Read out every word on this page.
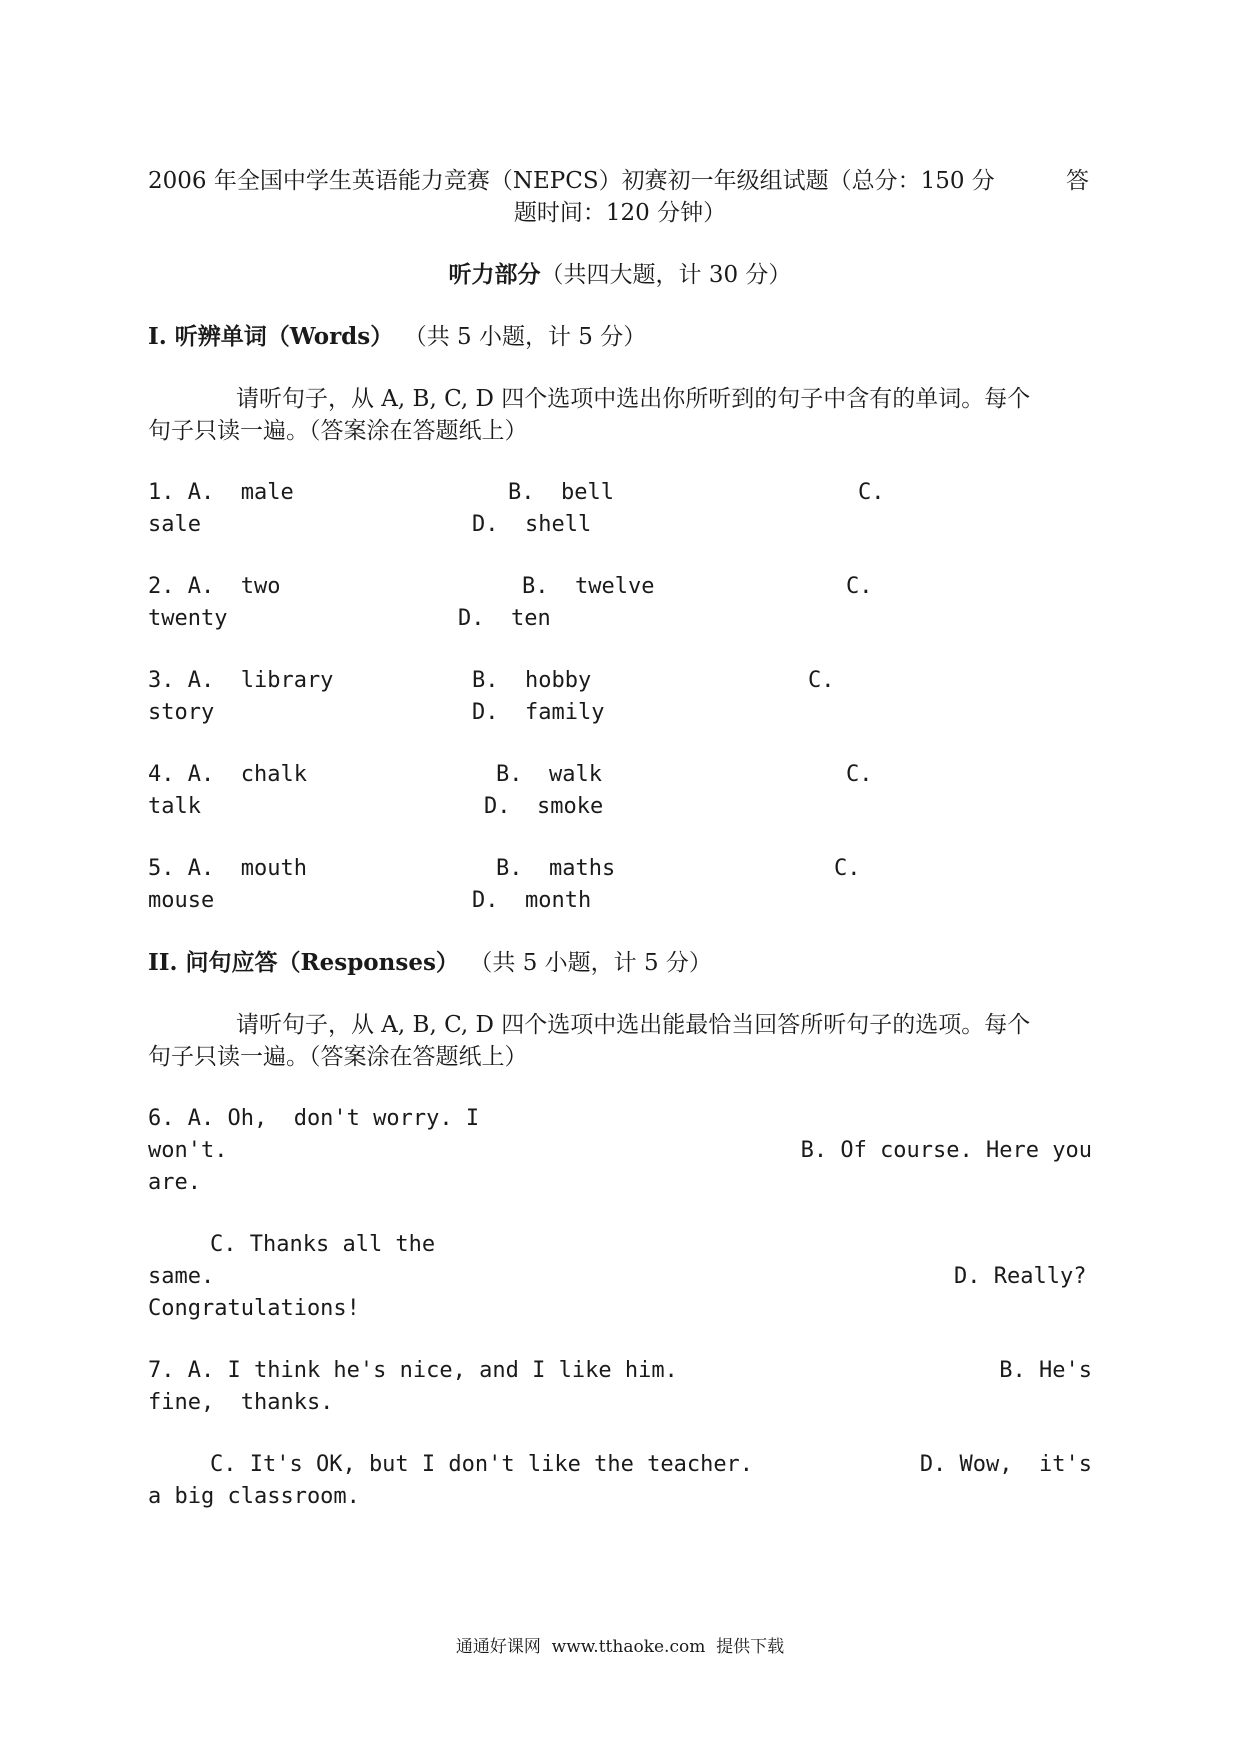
2006 年全国中学生英语能力竞赛（NEPCS）初赛初一年级组试题（总分：150 分	答
题时间：120 分钟）
听力部分（共四大题，计 30 分）
I. 听辨单词（Words） （共 5 小题，计 5 分）
请听句子，从 A, B, C, D 四个选项中选出你所听到的句子中含有的单词。每个
句子只读一遍。（答案涂在答题纸上）
1. A.  male	B.  bell	C.
sale	D.  shell
2. A.  two	B.  twelve	C.
twenty	D.  ten
3. A.  library	B.  hobby	C.
story	D.  family
4. A.  chalk	B.  walk	C.
talk	D.  smoke
5. A.  mouth	B.  maths	C.
mouse	D.  month
II. 问句应答（Responses） （共 5 小题，计 5 分）
请听句子，从 A, B, C, D 四个选项中选出能最恰当回答所听句子的选项。每个
句子只读一遍。（答案涂在答题纸上）
6. A. Oh,  don't worry. I
won't.	B. Of course. Here you
are.
C. Thanks all the
same.	D. Really?
Congratulations!
7. A. I think he's nice, and I like him.	B. He's
fine,  thanks.
C. It's OK, but I don't like the teacher.	D. Wow,  it's
a big classroom.
通通好课网  www.tthaoke.com  提供下载
